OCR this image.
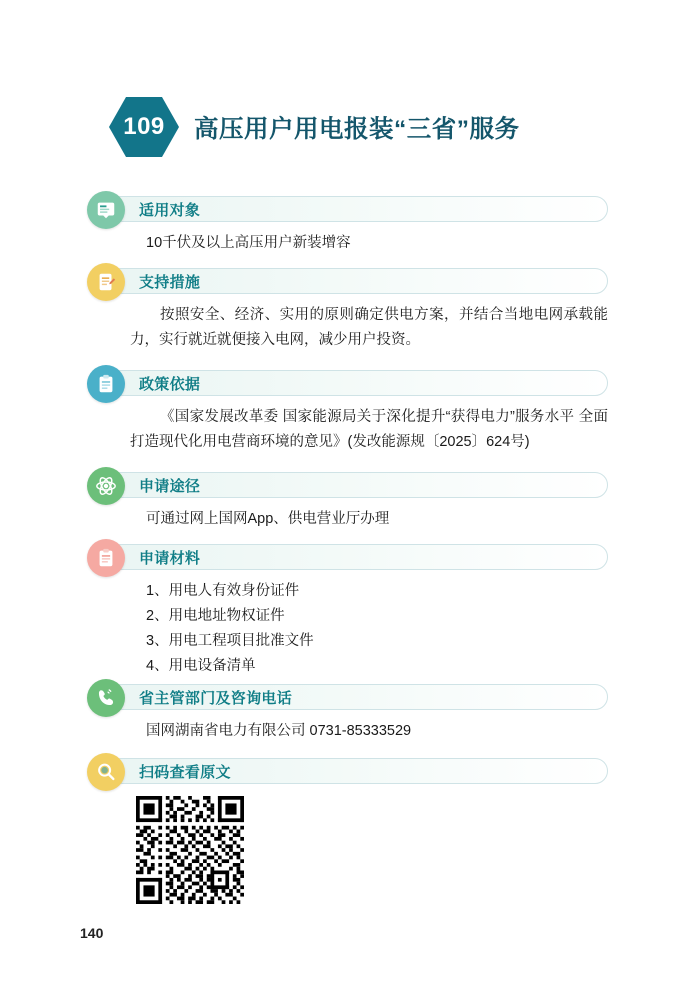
109	高压用户用电报装“三省”服务
适用对象
10千伏及以上高压用户新装增容
支持措施
按照安全、经济、实用的原则确定供电方案，并结合当地电网承载能力，实行就近就便接入电网，减少用户投资。
政策依据
《国家发展改革委 国家能源局关于深化提升“获得电力”服务水平 全面打造现代化用电营商环境的意见》(发改能源规〔2025〕624号)
申请途径
可通过网上国网App、供电营业厅办理
申请材料
1、用电人有效身份证件
2、用电地址物权证件
3、用电工程项目批准文件
4、用电设备清单
省主管部门及咨询电话
国网湖南省电力有限公司 0731-85333529
扫码查看原文
140
